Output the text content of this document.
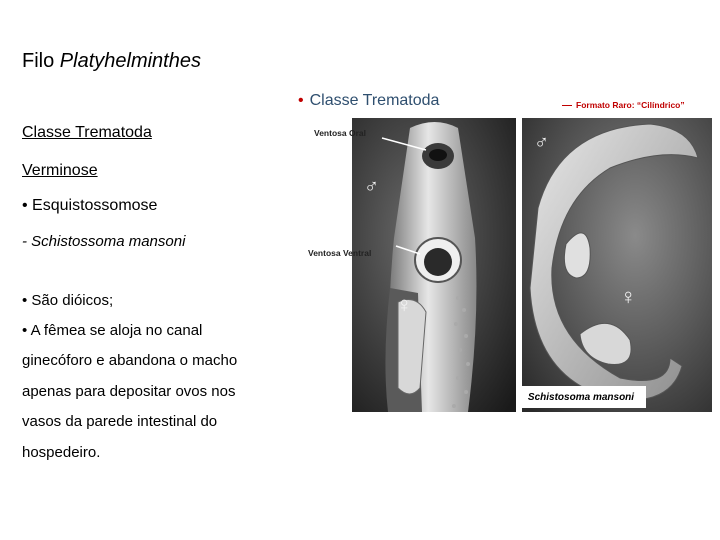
Filo Platyhelminthes
Classe Trematoda
Verminose
• Esquistossomose
- Schistossoma mansoni
• São dióicos;
• A fêmea se aloja no canal
ginecóforo e abandona o macho
apenas para depositar ovos nos
vasos da parede intestinal do
hospedeiro.
• Classe Trematoda	Formato Raro: “Cilíndrico”
Ventosa Oral
Ventosa Ventral
♂
♀
♂
♀
Schistosoma mansoni
